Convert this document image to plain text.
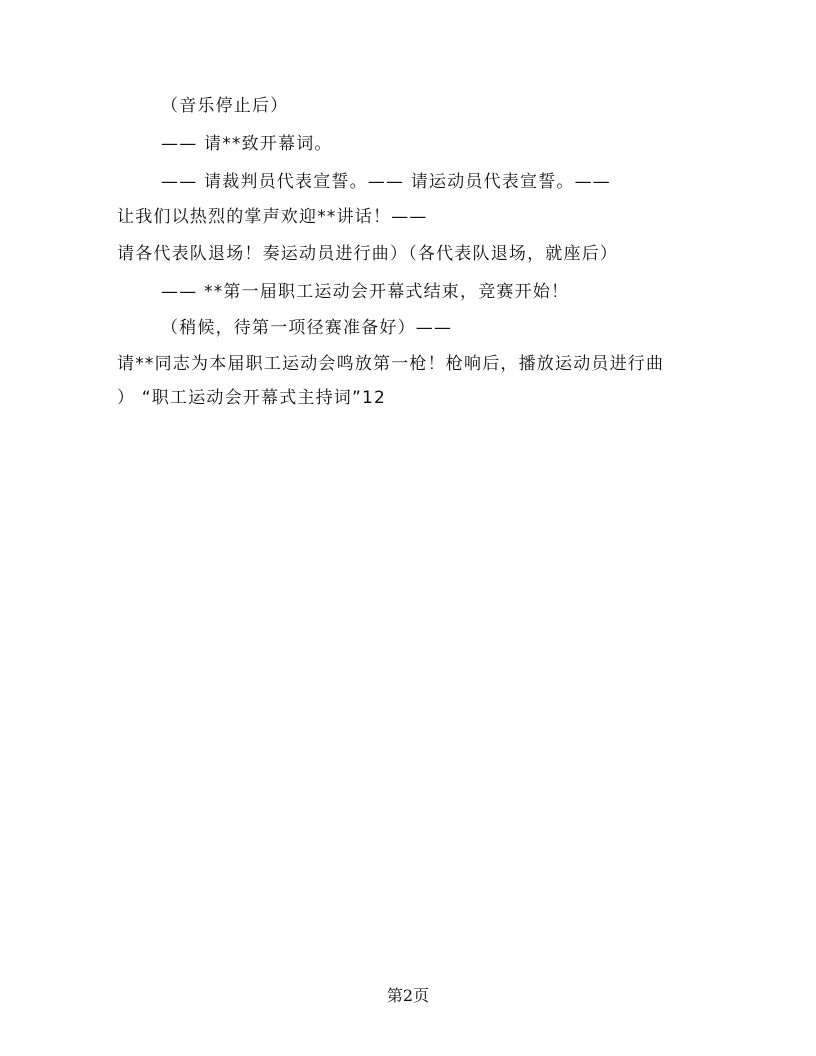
（音乐停止后）
—— 请**致开幕词。
—— 请裁判员代表宣誓。—— 请运动员代表宣誓。——
让我们以热烈的掌声欢迎**讲话！——
请各代表队退场！奏运动员进行曲）（各代表队退场，就座后）
—— **第一届职工运动会开幕式结束，竞赛开始！
（稍候，待第一项径赛准备好）——
请**同志为本届职工运动会鸣放第一枪！枪响后，播放运动员进行曲
） “职工运动会开幕式主持词”12
第2页
